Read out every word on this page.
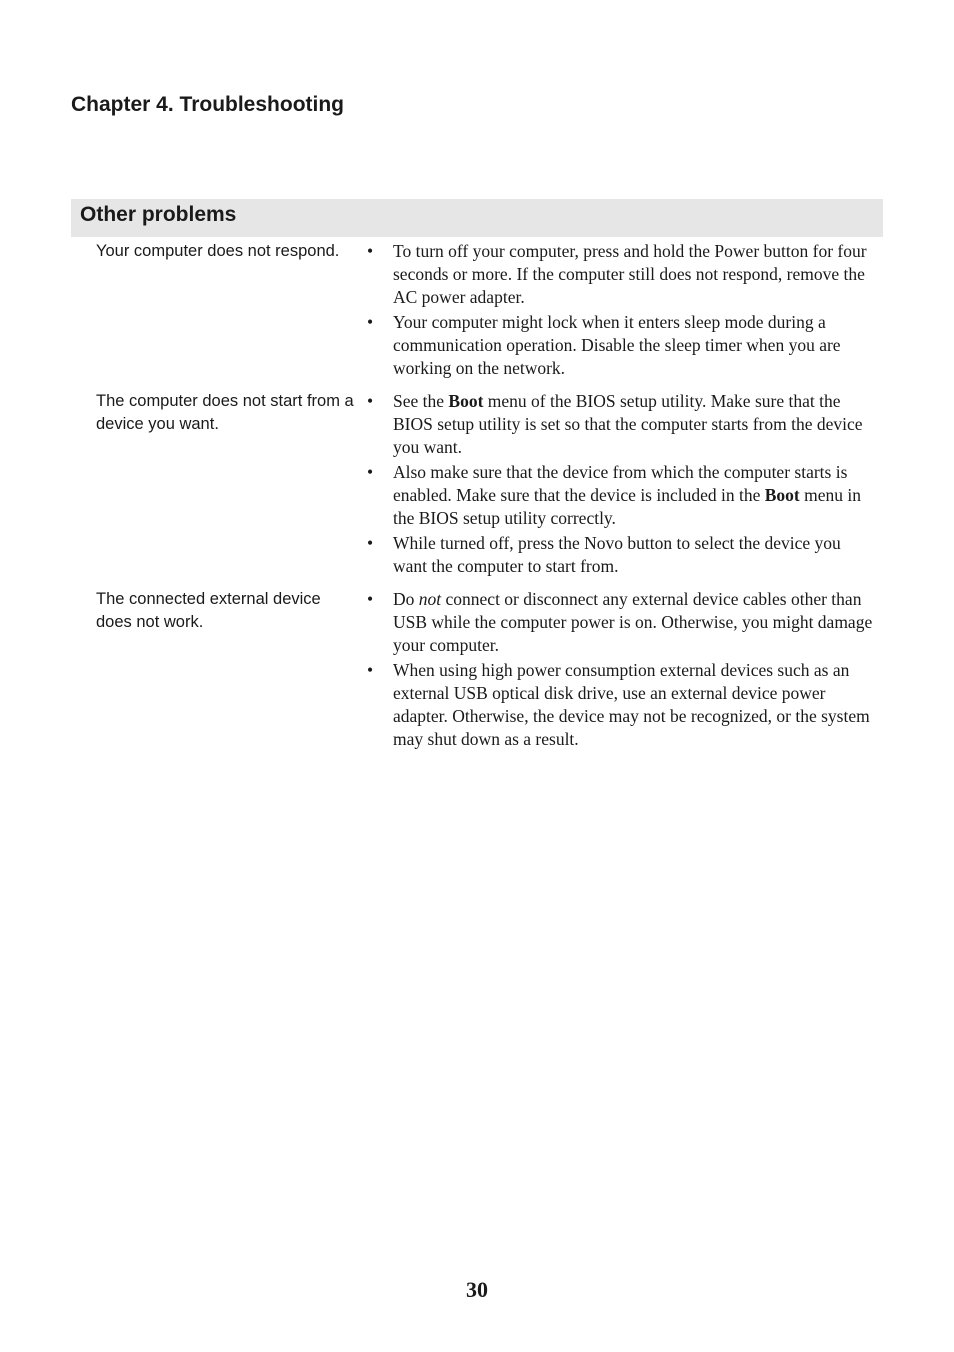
Chapter 4. Troubleshooting
Other problems
Your computer does not respond.	• To turn off your computer, press and hold the Power button for four seconds or more. If the computer still does not respond, remove the AC power adapter.
• Your computer might lock when it enters sleep mode during a communication operation. Disable the sleep timer when you are working on the network.
The computer does not start from a device you want.
• See the Boot menu of the BIOS setup utility. Make sure that the BIOS setup utility is set so that the computer starts from the device you want.
• Also make sure that the device from which the computer starts is enabled. Make sure that the device is included in the Boot menu in the BIOS setup utility correctly.
• While turned off, press the Novo button to select the device you want the computer to start from.
The connected external device does not work.
• Do not connect or disconnect any external device cables other than USB while the computer power is on. Otherwise, you might damage your computer.
• When using high power consumption external devices such as an external USB optical disk drive, use an external device power adapter. Otherwise, the device may not be recognized, or the system may shut down as a result.
30
